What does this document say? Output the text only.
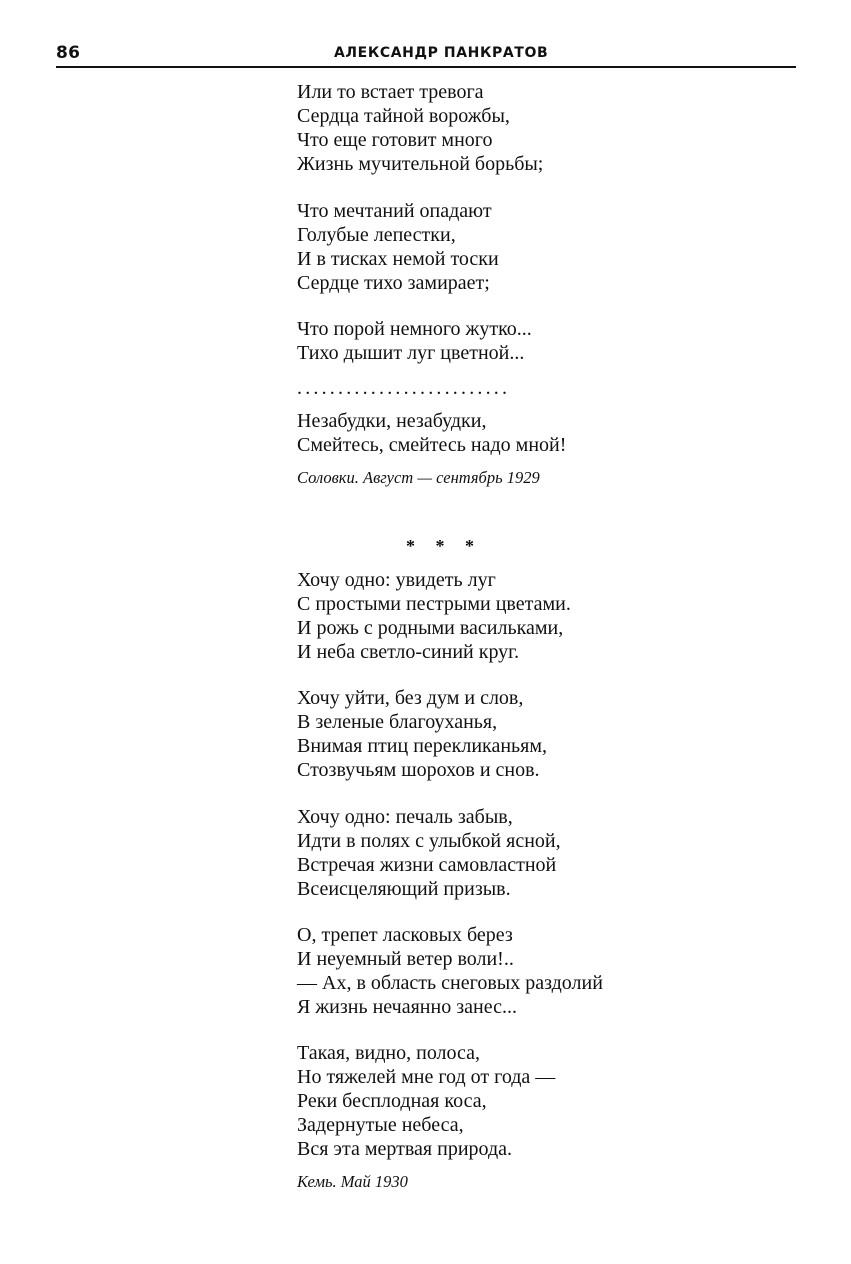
86	АЛЕКСАНДР ПАНКРАТОВ
Или то встает тревога
Сердца тайной ворожбы,
Что еще готовит много
Жизнь мучительной борьбы;
Что мечтаний опадают
Голубые лепестки,
И в тисках немой тоски
Сердце тихо замирает;
Что порой немного жутко...
Тихо дышит луг цветной...
..........................
Незабудки, незабудки,
Смейтесь, смейтесь надо мной!
Соловки. Август — сентябрь 1929
* * *
Хочу одно: увидеть луг
С простыми пестрыми цветами.
И рожь с родными васильками,
И неба светло-синий круг.
Хочу уйти, без дум и слов,
В зеленые благоуханья,
Внимая птиц перекликаньям,
Стозвучьям шорохов и снов.
Хочу одно: печаль забыв,
Идти в полях с улыбкой ясной,
Встречая жизни самовластной
Всеисцеляющий призыв.
О, трепет ласковых берез
И неуемный ветер воли!..
— Ах, в область снеговых раздолий
Я жизнь нечаянно занес...
Такая, видно, полоса,
Но тяжелей мне год от года —
Реки бесплодная коса,
Задернутые небеса,
Вся эта мертвая природа.
Кемь. Май 1930
